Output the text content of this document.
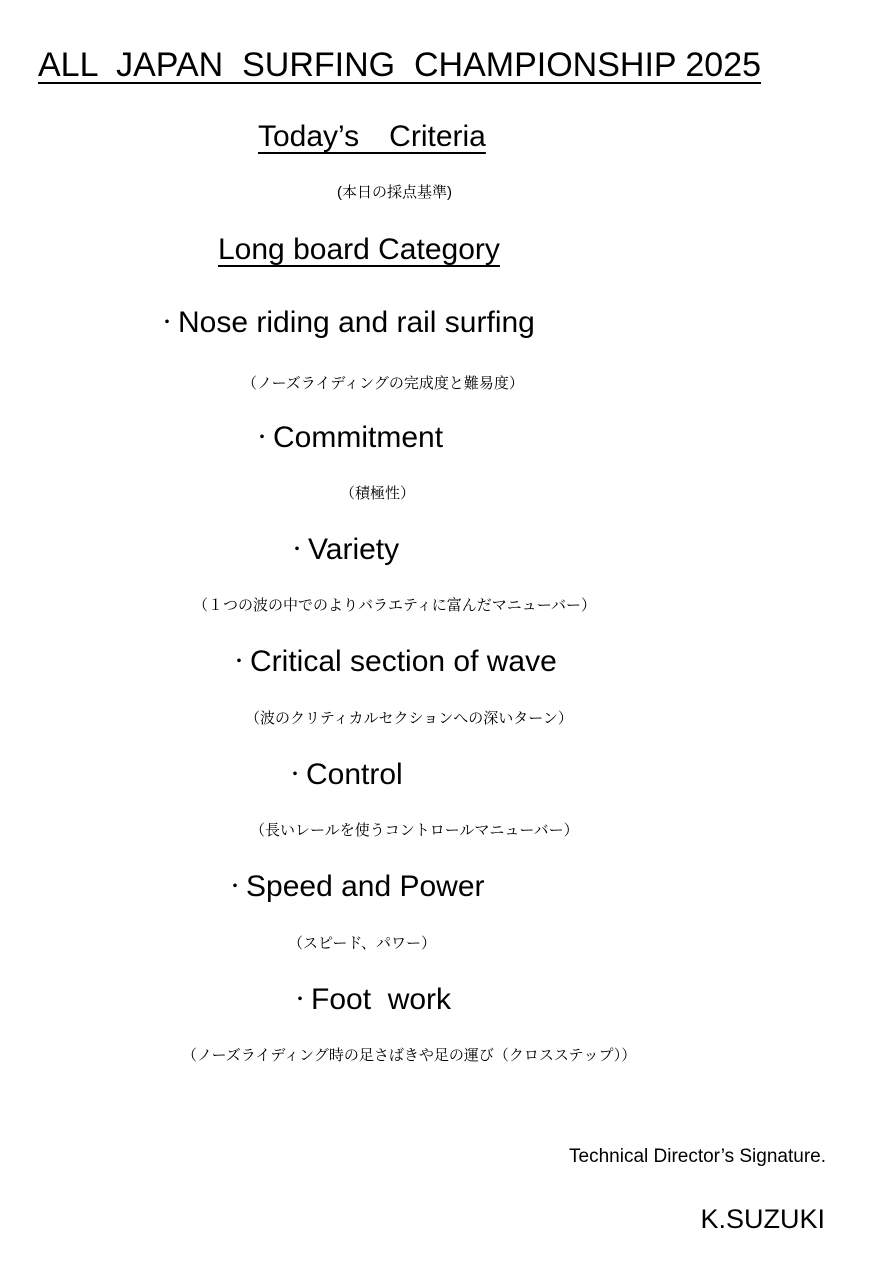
ALL  JAPAN  SURFING  CHAMPIONSHIP 2025
Today’s　Criteria
(本日の採点基準)
Long board Category
・Nose riding and rail surfing
（ノーズライディングの完成度と難易度）
・Commitment
（積極性）
・Variety
（１つの波の中でのよりバラエティに富んだマニューバー）
・Critical section of wave
（波のクリティカルセクションへの深いターン）
・Control
（長いレールを使うコントロールマニューバー）
・Speed and Power
（スピード、パワー）
・Foot  work
（ノーズライディング時の足さばきや足の運び（クロスステップ））
Technical Director’s Signature.
K.SUZUKI
